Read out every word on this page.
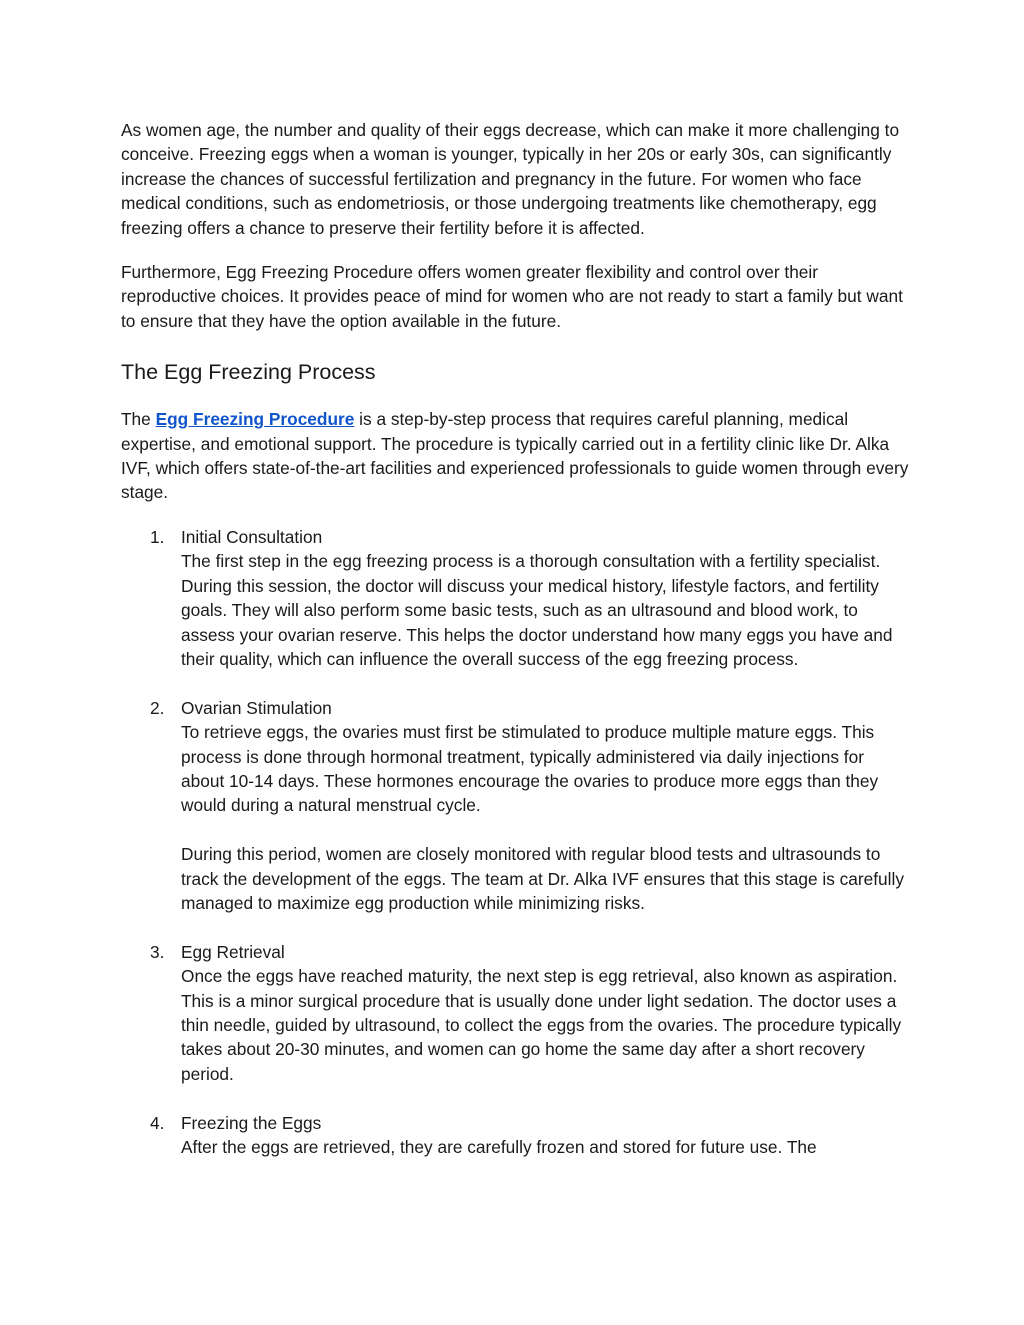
As women age, the number and quality of their eggs decrease, which can make it more challenging to conceive. Freezing eggs when a woman is younger, typically in her 20s or early 30s, can significantly increase the chances of successful fertilization and pregnancy in the future. For women who face medical conditions, such as endometriosis, or those undergoing treatments like chemotherapy, egg freezing offers a chance to preserve their fertility before it is affected.

Furthermore, Egg Freezing Procedure offers women greater flexibility and control over their reproductive choices. It provides peace of mind for women who are not ready to start a family but want to ensure that they have the option available in the future.

The Egg Freezing Process

The Egg Freezing Procedure is a step-by-step process that requires careful planning, medical expertise, and emotional support. The procedure is typically carried out in a fertility clinic like Dr. Alka IVF, which offers state-of-the-art facilities and experienced professionals to guide women through every stage.

1. Initial Consultation
The first step in the egg freezing process is a thorough consultation with a fertility specialist. During this session, the doctor will discuss your medical history, lifestyle factors, and fertility goals. They will also perform some basic tests, such as an ultrasound and blood work, to assess your ovarian reserve. This helps the doctor understand how many eggs you have and their quality, which can influence the overall success of the egg freezing process.
2. Ovarian Stimulation
To retrieve eggs, the ovaries must first be stimulated to produce multiple mature eggs. This process is done through hormonal treatment, typically administered via daily injections for about 10-14 days. These hormones encourage the ovaries to produce more eggs than they would during a natural menstrual cycle.
During this period, women are closely monitored with regular blood tests and ultrasounds to track the development of the eggs. The team at Dr. Alka IVF ensures that this stage is carefully managed to maximize egg production while minimizing risks.
3. Egg Retrieval
Once the eggs have reached maturity, the next step is egg retrieval, also known as aspiration. This is a minor surgical procedure that is usually done under light sedation. The doctor uses a thin needle, guided by ultrasound, to collect the eggs from the ovaries. The procedure typically takes about 20-30 minutes, and women can go home the same day after a short recovery period.
4. Freezing the Eggs
After the eggs are retrieved, they are carefully frozen and stored for future use. The
